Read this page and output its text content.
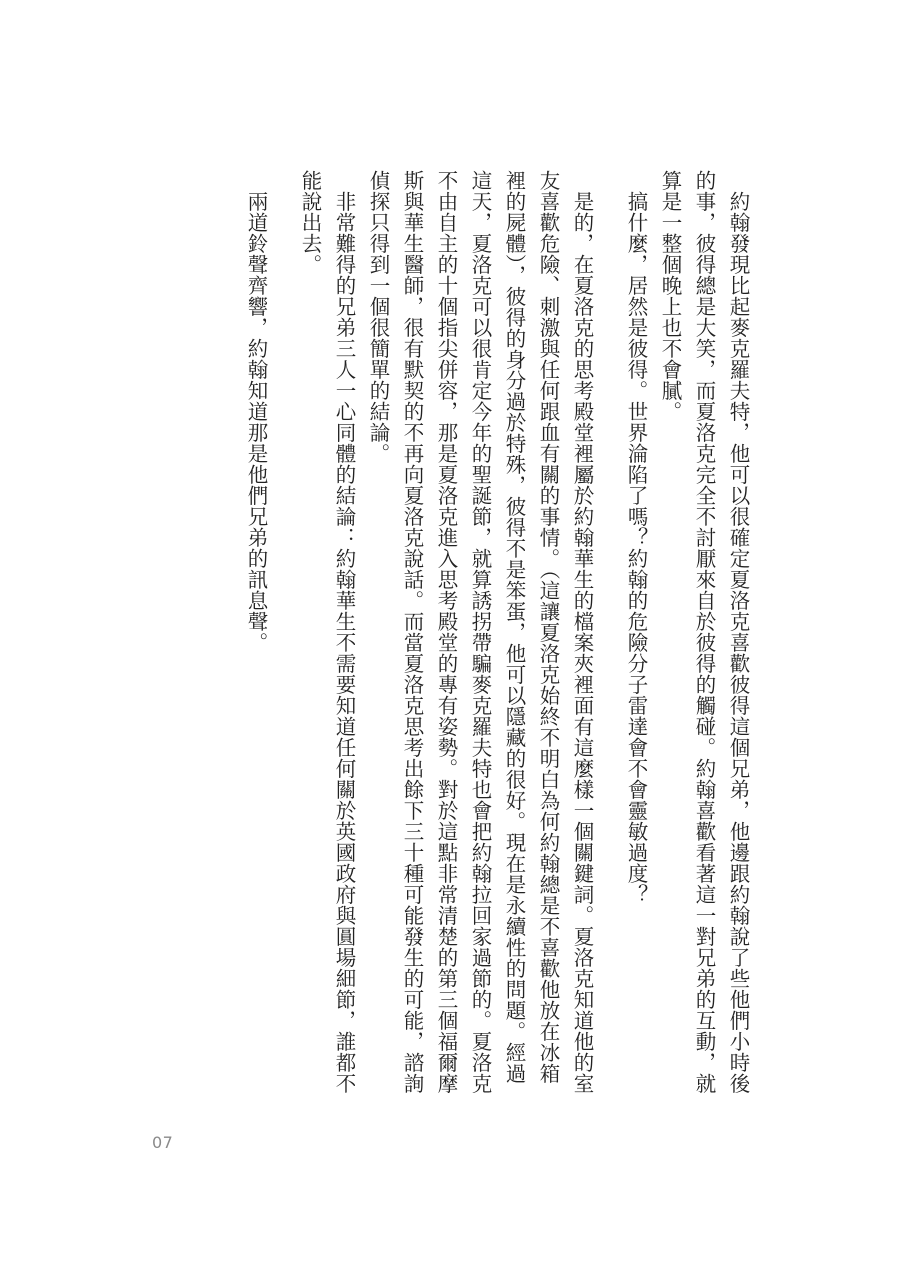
約翰發現比起麥克羅夫特，他可以很確定夏洛克喜歡彼得這個兄弟，他邊跟約翰說了些他們小時後的事，彼得總是大笑，而夏洛克完全不討厭來自於彼得的觸碰。約翰喜歡看著這一對兄弟的互動，就算是一整個晚上也不會膩。

搞什麼，居然是彼得。世界淪陷了嗎？約翰的危險分子雷達會不會靈敏過度？

是的，在夏洛克的思考殿堂裡屬於約翰華生的檔案夾裡面有這麼樣一個關鍵詞。夏洛克知道他的室友喜歡危險、刺激與任何跟血有關的事情。（這讓夏洛克始終不明白為何約翰總是不喜歡他放在冰箱裡的屍體），彼得的身分過於特殊，彼得不是笨蛋，他可以隱藏的很好。現在是永續性的問題。經過這天，夏洛克可以很肯定今年的聖誕節，就算誘拐帶騙麥克羅夫特也會把約翰拉回家過節的。夏洛克不由自主的十個指尖併容，那是夏洛克進入思考殿堂的專有姿勢。對於這點非常清楚的第三個福爾摩斯與華生醫師，很有默契的不再向夏洛克說話。而當夏洛克思考出餘下三十種可能發生的可能，諮詢偵探只得到一個很簡單的結論。

非常難得的兄弟三人一心同體的結論：約翰華生不需要知道任何關於英國政府與圓場細節，誰都不能說出去。

兩道鈴聲齊響，約翰知道那是他們兄弟的訊息聲。

07
